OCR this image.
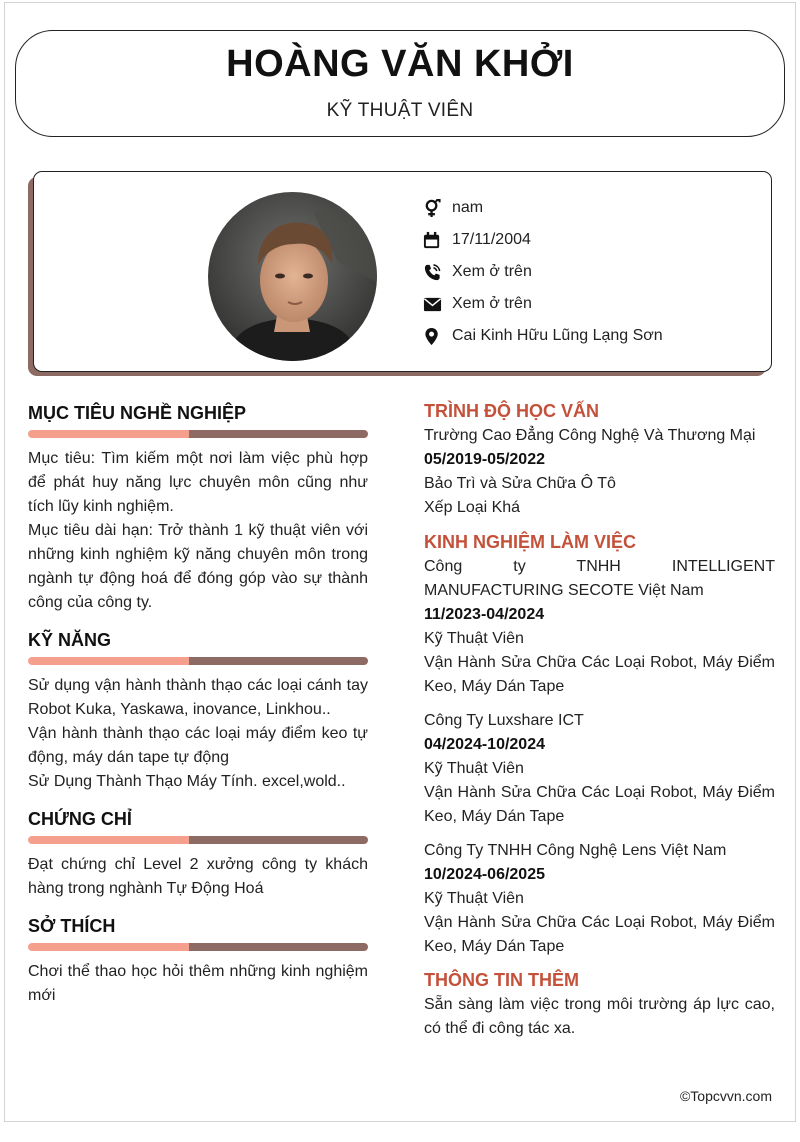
HOÀNG VĂN KHỞI
KỸ THUẬT VIÊN
nam
17/11/2004
Xem ở trên
Xem ở trên
Cai Kinh Hữu Lũng Lạng Sơn
MỤC TIÊU NGHỀ NGHIỆP
Mục tiêu: Tìm kiếm một nơi làm việc phù hợp để phát huy năng lực chuyên môn cũng như tích lũy kinh nghiệm.
Mục tiêu dài hạn: Trở thành 1 kỹ thuật viên với những kinh nghiệm kỹ năng chuyên môn trong ngành tự động hoá để đóng góp vào sự thành công của công ty.
KỸ NĂNG
Sử dụng vận hành thành thạo các loại cánh tay Robot Kuka, Yaskawa, inovance, Linkhou..
Vận hành thành thạo các loại máy điểm keo tự động, máy dán tape tự động
Sử Dụng Thành Thạo Máy Tính. excel,wold..
CHỨNG CHỈ
Đạt chứng chỉ Level 2 xưởng công ty khách hàng trong nghành Tự Động Hoá
SỞ THÍCH
Chơi thể thao học hỏi thêm những kinh nghiệm mới
TRÌNH ĐỘ HỌC VẤN
Trường Cao Đẳng Công Nghệ Và Thương Mại
05/2019-05/2022
Bảo Trì và Sửa Chữa Ô Tô
Xếp Loại Khá
KINH NGHIỆM LÀM VIỆC
Công ty TNHH INTELLIGENT MANUFACTURING SECOTE Việt Nam
11/2023-04/2024
Kỹ Thuật Viên
Vận Hành Sửa Chữa Các Loại Robot, Máy Điểm Keo, Máy Dán Tape
Công Ty Luxshare ICT
04/2024-10/2024
Kỹ Thuật Viên
Vận Hành Sửa Chữa Các Loại Robot, Máy Điểm Keo, Máy Dán Tape
Công Ty TNHH Công Nghệ Lens Việt Nam
10/2024-06/2025
Kỹ Thuật Viên
Vận Hành Sửa Chữa Các Loại Robot, Máy Điểm Keo, Máy Dán Tape
THÔNG TIN THÊM
Sẵn sàng làm việc trong môi trường áp lực cao, có thể đi công tác xa.
©Topcvvn.com
